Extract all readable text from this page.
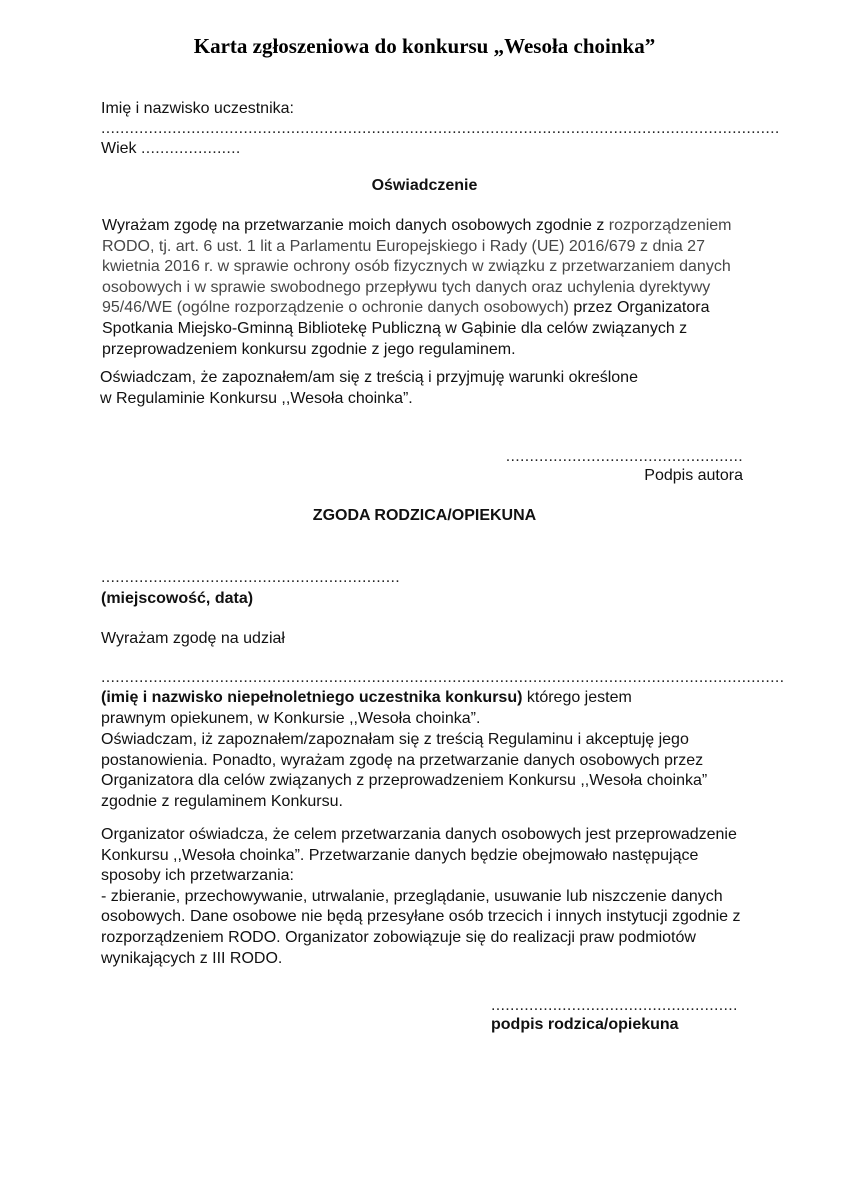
Karta zgłoszeniowa do konkursu „Wesoła choinka”
Imię i nazwisko uczestnika:
...............................................................................................................................................
Wiek .....................
Oświadczenie
Wyrażam zgodę na przetwarzanie moich danych osobowych zgodnie z rozporządzeniem
RODO, tj. art. 6 ust. 1 lit a Parlamentu Europejskiego i Rady (UE) 2016/679 z dnia 27
kwietnia 2016 r. w sprawie ochrony osób fizycznych w związku z przetwarzaniem danych
osobowych i w sprawie swobodnego przepływu tych danych oraz uchylenia dyrektywy
95/46/WE (ogólne rozporządzenie o ochronie danych osobowych) przez Organizatora
Spotkania Miejsko-Gminną Bibliotekę Publiczną w Gąbinie dla celów związanych z
przeprowadzeniem konkursu zgodnie z jego regulaminem.
Oświadczam, że zapoznałem/am się z treścią i przyjmuję warunki określone
w Regulaminie Konkursu ,,Wesoła choinka”.
..................................................
Podpis autora
ZGODA RODZICA/OPIEKUNA
...............................................................
(miejscowość, data)
Wyrażam zgodę na udział
................................................................................................................................................
(imię i nazwisko niepełnoletniego uczestnika konkursu) którego jestem
prawnym opiekunem, w Konkursie ,,Wesoła choinka”.
Oświadczam, iż zapoznałem/zapoznałam się z treścią Regulaminu i akceptuję jego
postanowienia. Ponadto, wyrażam zgodę na przetwarzanie danych osobowych przez
Organizatora dla celów związanych z przeprowadzeniem Konkursu ,,Wesoła choinka”
zgodnie z regulaminem Konkursu.
Organizator oświadcza, że celem przetwarzania danych osobowych jest przeprowadzenie
Konkursu ,,Wesoła choinka”. Przetwarzanie danych będzie obejmowało następujące
sposoby ich przetwarzania:
- zbieranie, przechowywanie, utrwalanie, przeglądanie, usuwanie lub niszczenie danych
osobowych. Dane osobowe nie będą przesyłane osób trzecich i innych instytucji zgodnie z
rozporządzeniem RODO. Organizator zobowiązuje się do realizacji praw podmiotów
wynikających z III RODO.
....................................................
podpis rodzica/opiekuna
